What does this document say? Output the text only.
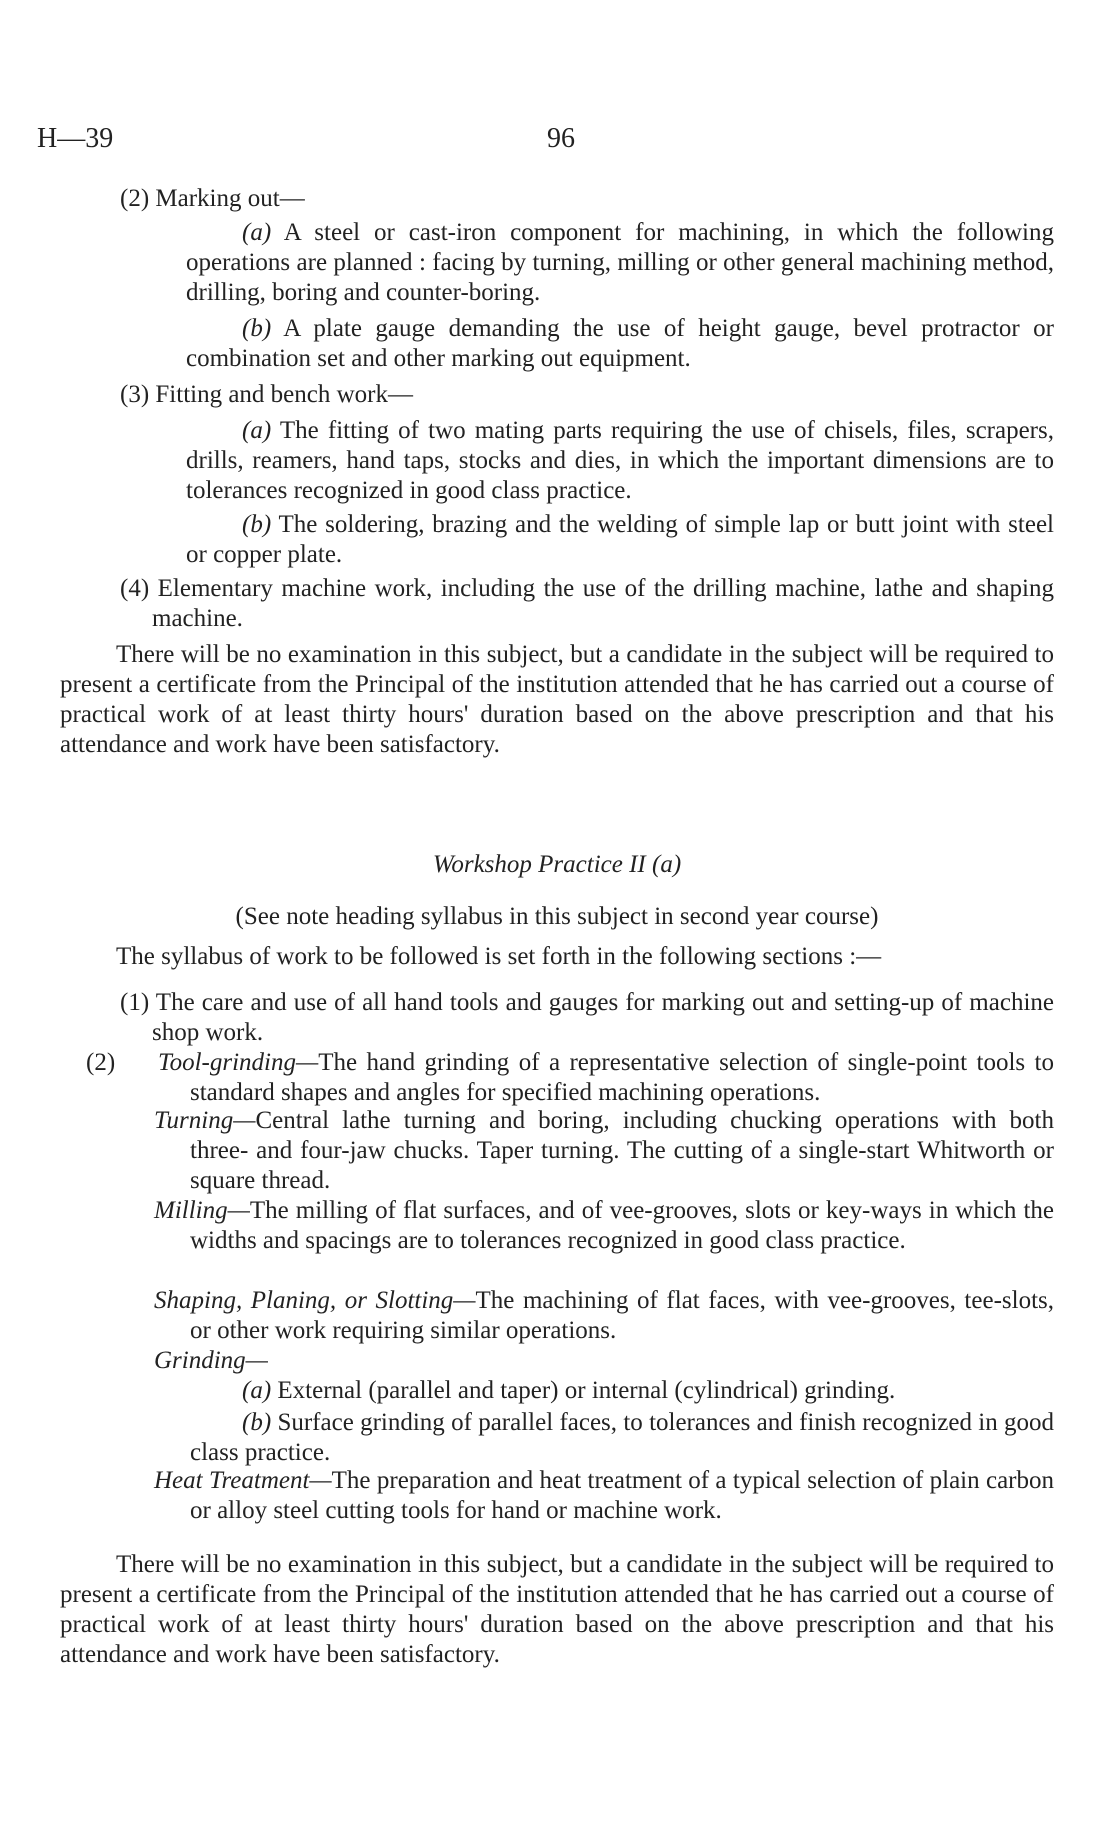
H—39	96

(2) Marking out—

(a) A steel or cast-iron component for machining, in which the following operations are planned : facing by turning, milling or other general machining method, drilling, boring and counter-boring.

(b) A plate gauge demanding the use of height gauge, bevel protractor or combination set and other marking out equipment.

(3) Fitting and bench work—

(a) The fitting of two mating parts requiring the use of chisels, files, scrapers, drills, reamers, hand taps, stocks and dies, in which the important dimensions are to tolerances recognized in good class practice.

(b) The soldering, brazing and the welding of simple lap or butt joint with steel or copper plate.

(4) Elementary machine work, including the use of the drilling machine, lathe and shaping machine.

There will be no examination in this subject, but a candidate in the subject will be required to present a certificate from the Principal of the institution attended that he has carried out a course of practical work of at least thirty hours' duration based on the above prescription and that his attendance and work have been satisfactory.

Workshop Practice II (a)

(See note heading syllabus in this subject in second year course)

The syllabus of work to be followed is set forth in the following sections :—

(1) The care and use of all hand tools and gauges for marking out and setting-up of machine shop work.

(2) Tool-grinding—The hand grinding of a representative selection of single-point tools to standard shapes and angles for specified machining operations.

Turning—Central lathe turning and boring, including chucking operations with both three- and four-jaw chucks. Taper turning. The cutting of a single-start Whitworth or square thread.

Milling—The milling of flat surfaces, and of vee-grooves, slots or key-ways in which the widths and spacings are to tolerances recognized in good class practice.

Shaping, Planing, or Slotting—The machining of flat faces, with vee-grooves, tee-slots, or other work requiring similar operations.

Grinding—

(a) External (parallel and taper) or internal (cylindrical) grinding.

(b) Surface grinding of parallel faces, to tolerances and finish recognized in good class practice.

Heat Treatment—The preparation and heat treatment of a typical selection of plain carbon or alloy steel cutting tools for hand or machine work.

There will be no examination in this subject, but a candidate in the subject will be required to present a certificate from the Principal of the institution attended that he has carried out a course of practical work of at least thirty hours' duration based on the above prescription and that his attendance and work have been satisfactory.
